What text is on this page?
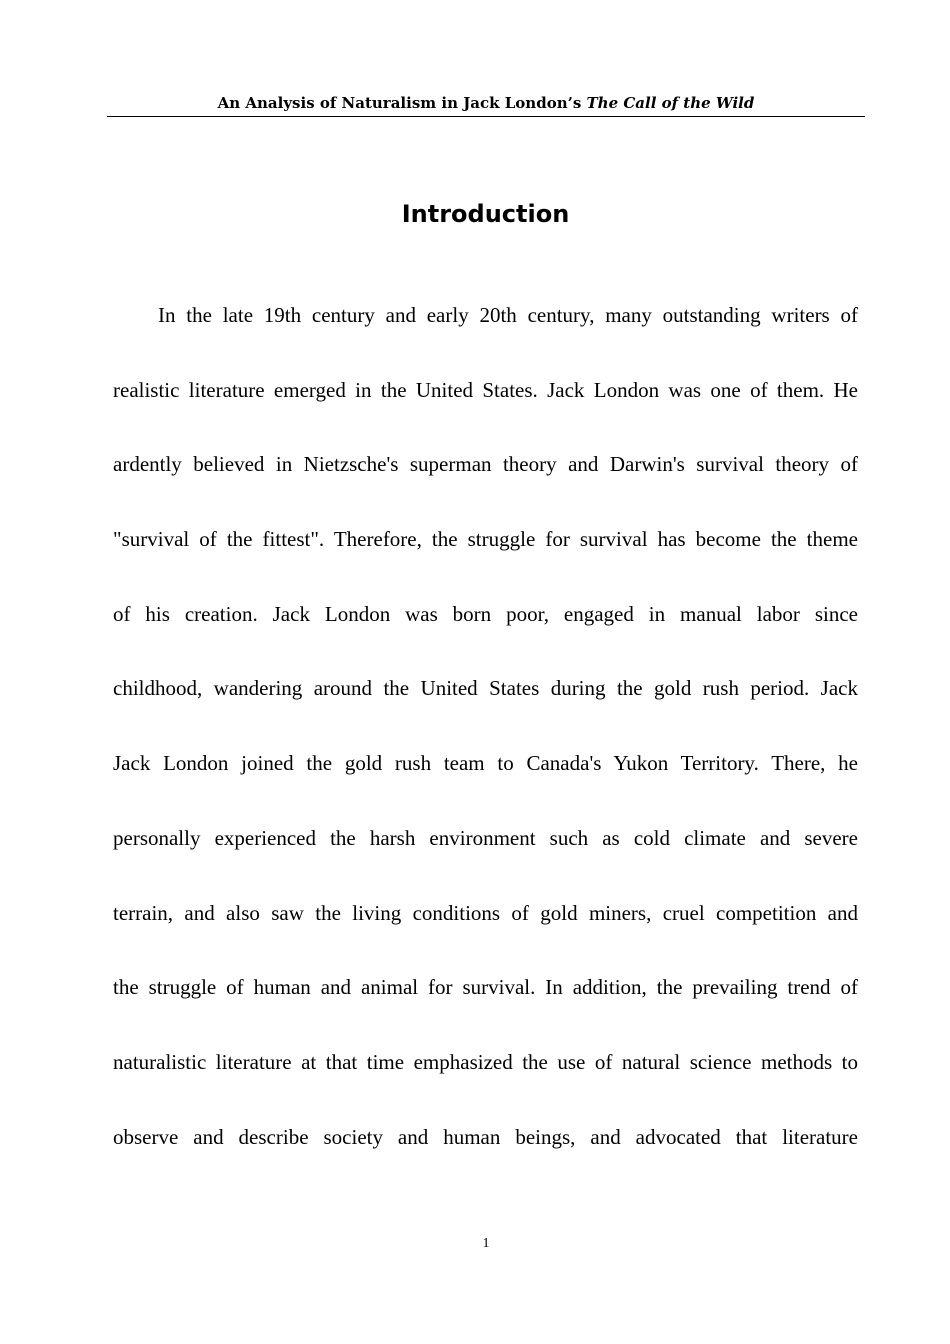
An Analysis of Naturalism in Jack London’s The Call of the Wild
Introduction
In the late 19th century and early 20th century, many outstanding writers of
realistic literature emerged in the United States. Jack London was one of them. He
ardently believed in Nietzsche's superman theory and Darwin's survival theory of
"survival of the fittest". Therefore, the struggle for survival has become the theme
of his creation. Jack London was born poor, engaged in manual labor since
childhood, wandering around the United States during the gold rush period. Jack
Jack London joined the gold rush team to Canada's Yukon Territory. There, he
personally experienced the harsh environment such as cold climate and severe
terrain, and also saw the living conditions of gold miners, cruel competition and
the struggle of human and animal for survival. In addition, the prevailing trend of
naturalistic literature at that time emphasized the use of natural science methods to
observe and describe society and human beings, and advocated that literature
1
